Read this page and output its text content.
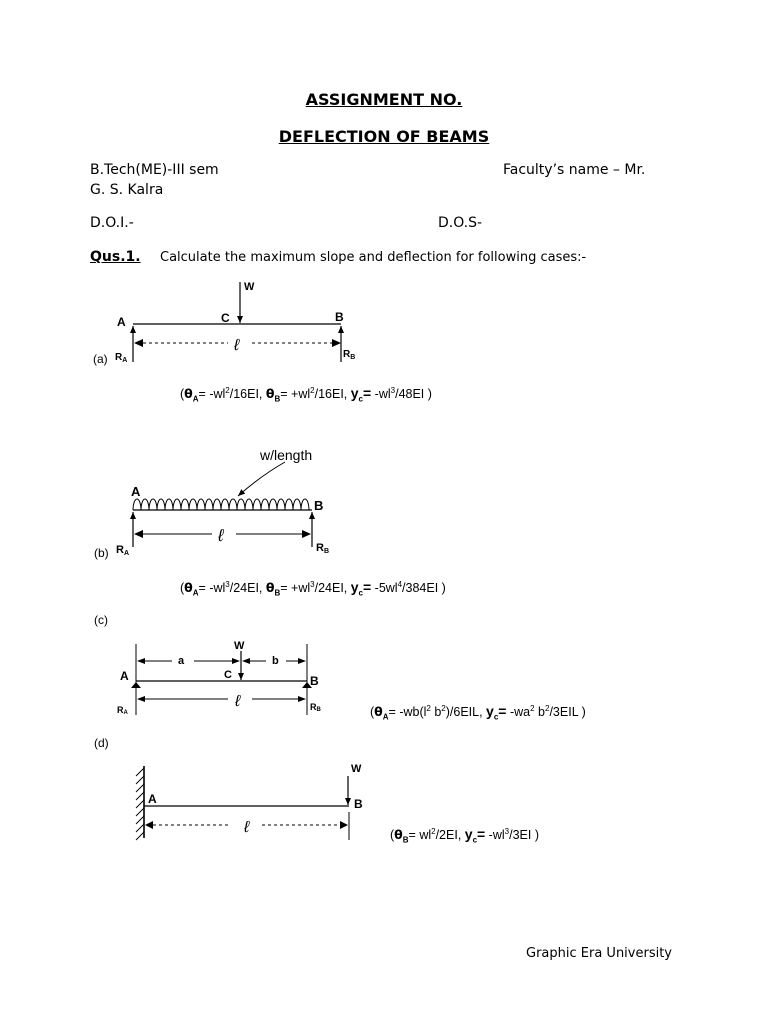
ASSIGNMENT NO.
DEFLECTION OF BEAMS
B.Tech(ME)-III sem	Faculty’s name – Mr.
G. S. Kalra
D.O.I.-	D.O.S-
Qus.1. Calculate the maximum slope and deflection for following cases:-
(a)
(b)
(c)
(d)
W
A	C	B
ℓ
$R_A$
$R_B$
w/length
A
B
ℓ
RA	RB
W
a	b
C
A	B
ℓ
RA
RB
W
A	B
ℓ
($\theta_A= -wl^2/16EI$, $\theta_B= +wl^2/16EI$, $y_c= -wl^3/48EI$ )
($\theta_A= -wl^3/24EI$, $\theta_B= +wl^3/24EI$, $y_c= -5wl^4/384EI$ )
($\theta_A= -wb(l^2$ $b^2)/6EIL$, $y_c= -wa^2$ $b^2/3EIL$ )
($\theta_B= wl^2/2EI$, $y_c= -wl^3/3EI$ )
Graphic Era University
